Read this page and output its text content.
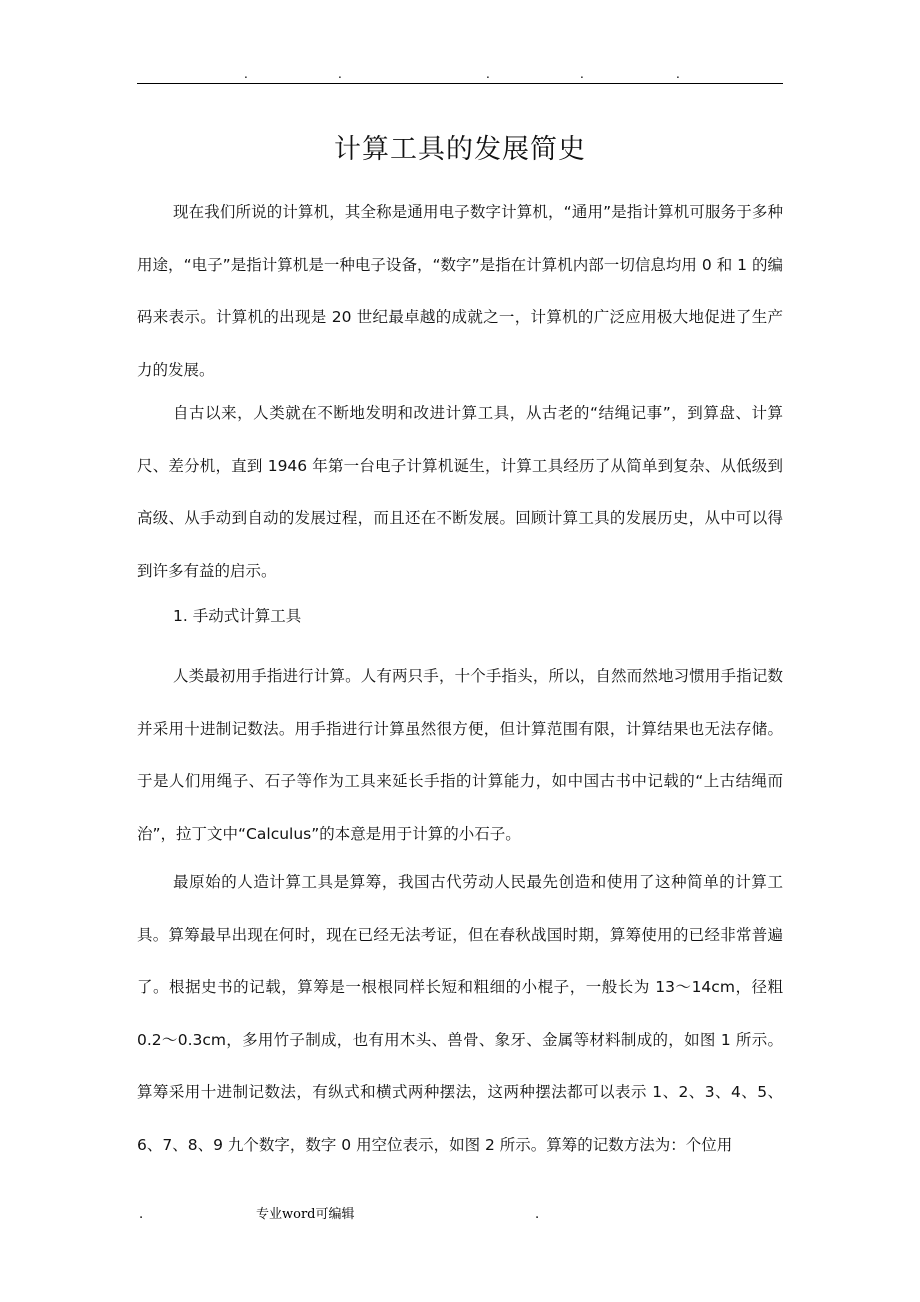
.	.	.	.	.
计算工具的发展简史

现在我们所说的计算机，其全称是通用电子数字计算机，“通用”是指计算机可服务于多种用途，“电子”是指计算机是一种电子设备，“数字”是指在计算机内部一切信息均用 0 和 1 的编码来表示。计算机的出现是 20 世纪最卓越的成就之一，计算机的广泛应用极大地促进了生产力的发展。

自古以来，人类就在不断地发明和改进计算工具，从古老的“结绳记事”，到算盘、计算尺、差分机，直到 1946 年第一台电子计算机诞生，计算工具经历了从简单到复杂、从低级到高级、从手动到自动的发展过程，而且还在不断发展。回顾计算工具的发展历史，从中可以得到许多有益的启示。

1. 手动式计算工具

人类最初用手指进行计算。人有两只手，十个手指头，所以，自然而然地习惯用手指记数并采用十进制记数法。用手指进行计算虽然很方便，但计算范围有限，计算结果也无法存储。于是人们用绳子、石子等作为工具来延长手指的计算能力，如中国古书中记载的“上古结绳而治”，拉丁文中“Calculus”的本意是用于计算的小石子。

最原始的人造计算工具是算筹，我国古代劳动人民最先创造和使用了这种简单的计算工具。算筹最早出现在何时，现在已经无法考证，但在春秋战国时期，算筹使用的已经非常普遍了。根据史书的记载，算筹是一根根同样长短和粗细的小棍子，一般长为 13～14cm，径粗 0.2～0.3cm，多用竹子制成，也有用木头、兽骨、象牙、金属等材料制成的，如图 1 所示。算筹采用十进制记数法，有纵式和横式两种摆法，这两种摆法都可以表示 1、2、3、4、5、6、7、8、9 九个数字，数字 0 用空位表示，如图 2 所示。算筹的记数方法为：个位用

.	专业word可编辑	.
